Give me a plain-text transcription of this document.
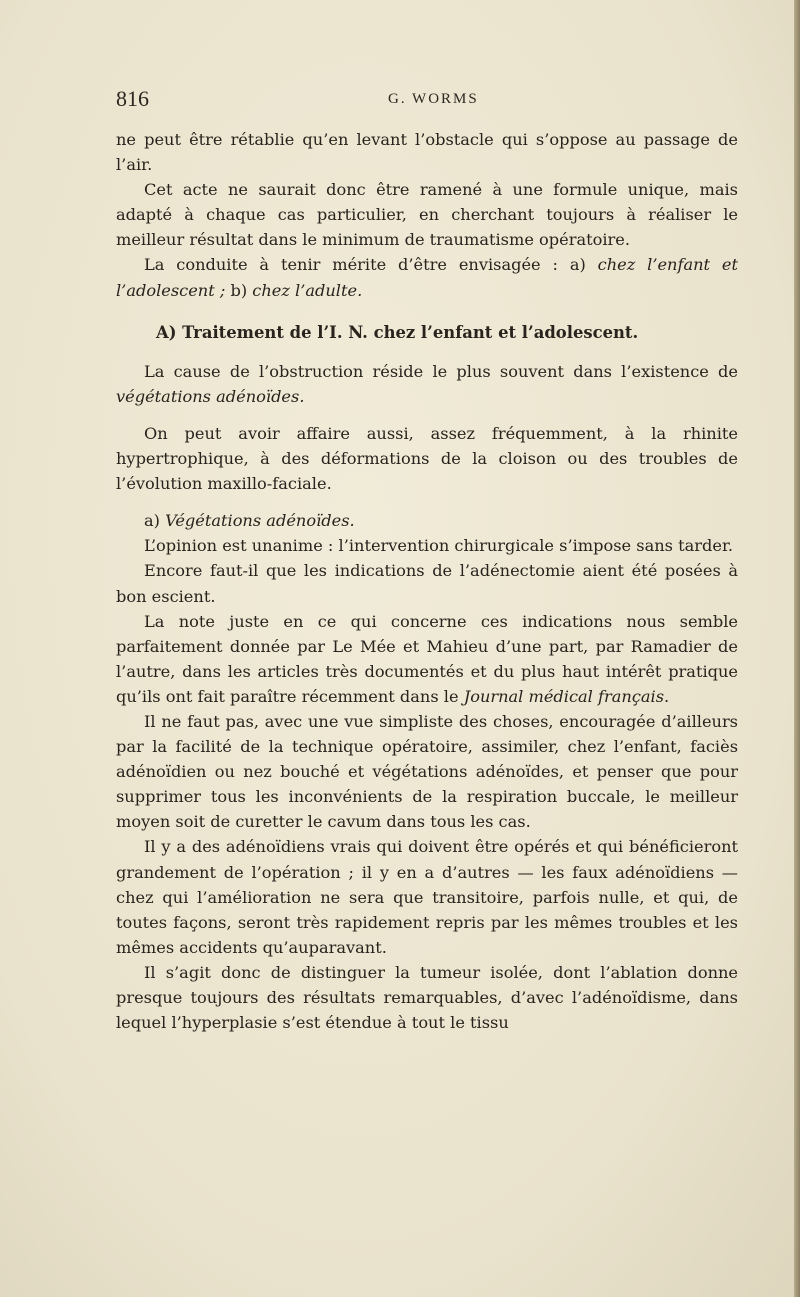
816	G. WORMS

ne peut être rétablie qu’en levant l’obstacle qui s’oppose au passage de l’air.

Cet acte ne saurait donc être ramené à une formule unique, mais adapté à chaque cas particulier, en cherchant toujours à réaliser le meilleur résultat dans le minimum de traumatisme opératoire.

La conduite à tenir mérite d’être envisagée : a) chez l’enfant et l’adolescent ; b) chez l’adulte.

A) Traitement de l’I. N. chez l’enfant et l’adolescent.

La cause de l’obstruction réside le plus souvent dans l’existence de végétations adénoïdes.

On peut avoir affaire aussi, assez fréquemment, à la rhinite hypertrophique, à des déformations de la cloison ou des troubles de l’évolution maxillo-faciale.

a) Végétations adénoïdes.

L’opinion est unanime : l’intervention chirurgicale s’impose sans tarder.

Encore faut-il que les indications de l’adénectomie aient été posées à bon escient.

La note juste en ce qui concerne ces indications nous semble parfaitement donnée par Le Mée et Mahieu d’une part, par Ramadier de l’autre, dans les articles très documentés et du plus haut intérêt pratique qu’ils ont fait paraître récemment dans le Journal médical français.

Il ne faut pas, avec une vue simpliste des choses, encouragée d’ailleurs par la facilité de la technique opératoire, assimiler, chez l’enfant, faciès adénoïdien ou nez bouché et végétations adénoïdes, et penser que pour supprimer tous les inconvénients de la respiration buccale, le meilleur moyen soit de curetter le cavum dans tous les cas.

Il y a des adénoïdiens vrais qui doivent être opérés et qui bénéficieront grandement de l’opération ; il y en a d’autres — les faux adénoïdiens — chez qui l’amélioration ne sera que transitoire, parfois nulle, et qui, de toutes façons, seront très rapidement repris par les mêmes troubles et les mêmes accidents qu’auparavant.

Il s’agit donc de distinguer la tumeur isolée, dont l’ablation donne presque toujours des résultats remarquables, d’avec l’adénoïdisme, dans lequel l’hyperplasie s’est étendue à tout le tissu
